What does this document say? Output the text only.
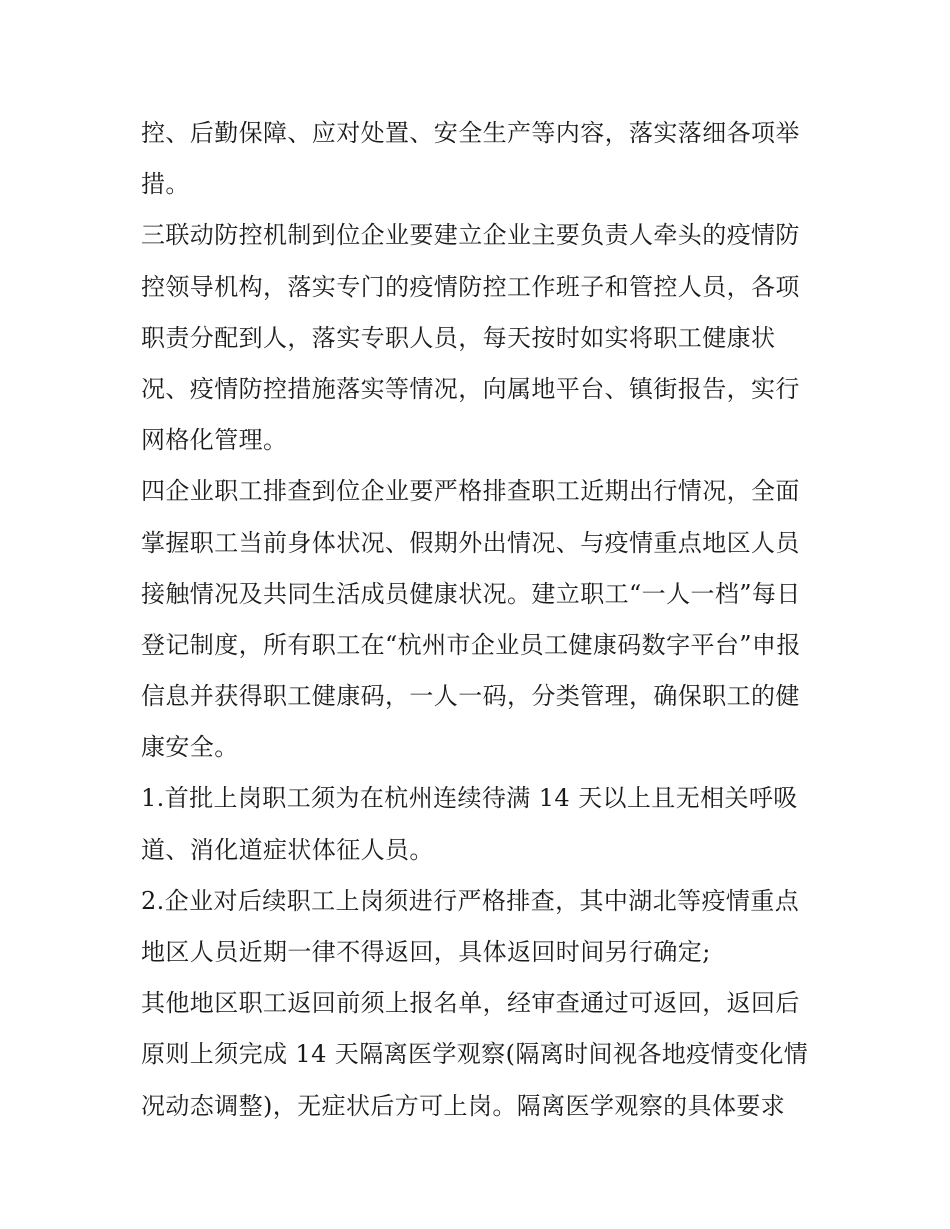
控、后勤保障、应对处置、安全生产等内容，落实落细各项举
措。
三联动防控机制到位企业要建立企业主要负责人牵头的疫情防
控领导机构，落实专门的疫情防控工作班子和管控人员，各项
职责分配到人，落实专职人员，每天按时如实将职工健康状
况、疫情防控措施落实等情况，向属地平台、镇街报告，实行
网格化管理。
四企业职工排查到位企业要严格排查职工近期出行情况，全面
掌握职工当前身体状况、假期外出情况、与疫情重点地区人员
接触情况及共同生活成员健康状况。建立职工“一人一档”每日
登记制度，所有职工在“杭州市企业员工健康码数字平台”申报
信息并获得职工健康码，一人一码，分类管理，确保职工的健
康安全。
1.首批上岗职工须为在杭州连续待满 14 天以上且无相关呼吸
道、消化道症状体征人员。
2.企业对后续职工上岗须进行严格排查，其中湖北等疫情重点
地区人员近期一律不得返回，具体返回时间另行确定;
其他地区职工返回前须上报名单，经审查通过可返回，返回后
原则上须完成 14 天隔离医学观察(隔离时间视各地疫情变化情
况动态调整)，无症状后方可上岗。隔离医学观察的具体要求
